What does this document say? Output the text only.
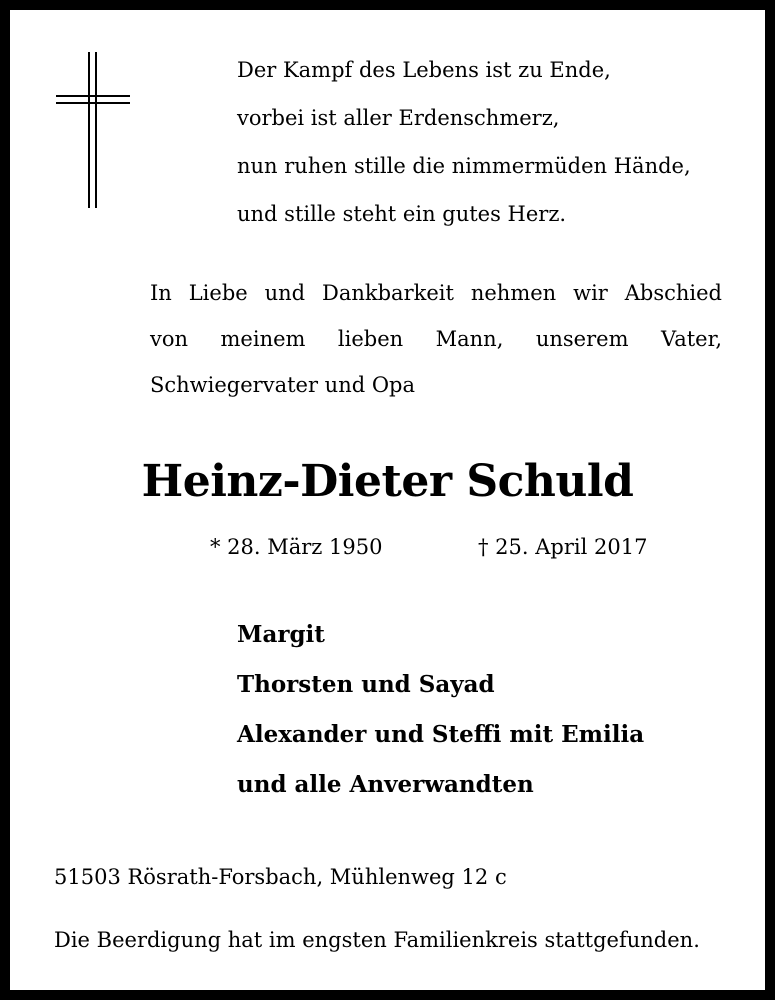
Der Kampf des Lebens ist zu Ende,
vorbei ist aller Erdenschmerz,
nun ruhen stille die nimmermüden Hände,
und stille steht ein gutes Herz.
In Liebe und Dankbarkeit nehmen wir Abschied
von meinem lieben Mann, unserem Vater,
Schwiegervater und Opa
Heinz-Dieter Schuld
* 28. März 1950	† 25. April 2017
Margit
Thorsten und Sayad
Alexander und Steffi mit Emilia
und alle Anverwandten
51503 Rösrath-Forsbach, Mühlenweg 12 c
Die Beerdigung hat im engsten Familienkreis stattgefunden.
